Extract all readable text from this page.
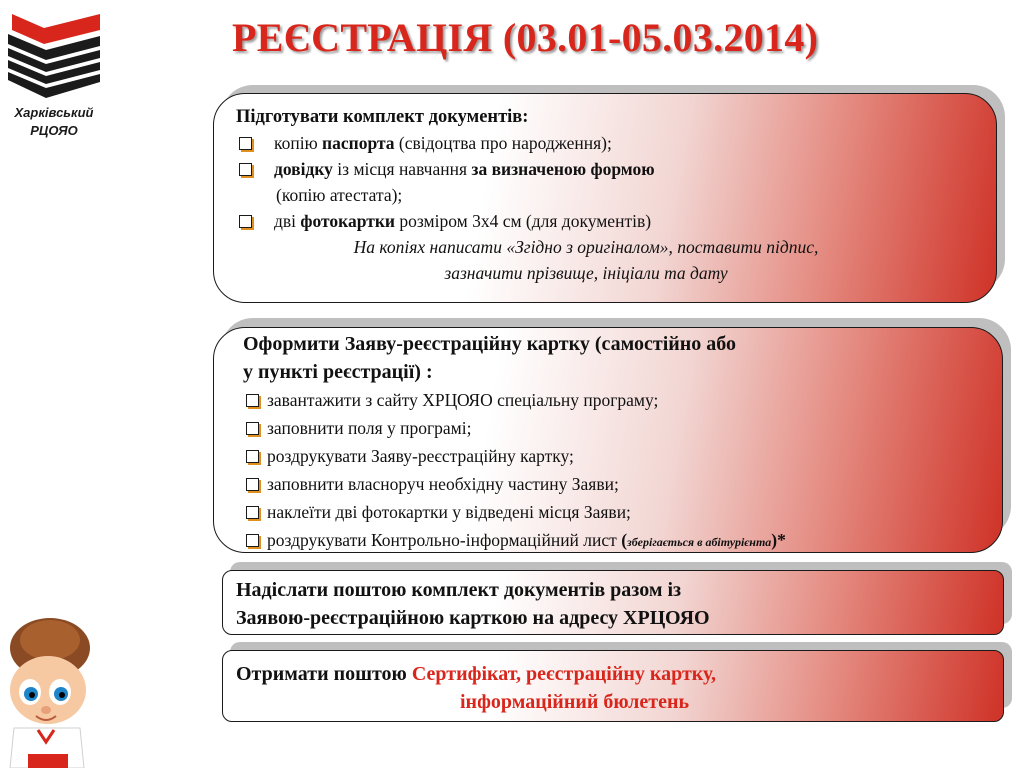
Харківський
РЦОЯО
РЕЄСТРАЦІЯ (03.01-05.03.2014)
Підготувати комплект документів:
копію паспорта (свідоцтва про народження);
довідку із місця навчання за визначеною формою
(копію атестата);
дві фотокартки розміром 3х4 см (для документів)
На копіях написати «Згідно з оригіналом», поставити підпис,
зазначити прізвище, ініціали та дату
Оформити Заяву-реєстраційну картку (самостійно або
у пункті реєстрації) :
завантажити з сайту ХРЦОЯО спеціальну програму;
заповнити поля у програмі;
роздрукувати Заяву-реєстраційну картку;
заповнити власноруч необхідну частину Заяви;
наклеїти дві фотокартки у відведені місця Заяви;
роздрукувати Контрольно-інформаційний лист (зберігається в абітурієнта)*
Надіслати поштою комплект документів разом із
Заявою-реєстраційною карткою на адресу ХРЦОЯО
Отримати поштою Сертифікат, реєстраційну картку,
інформаційний бюлетень
